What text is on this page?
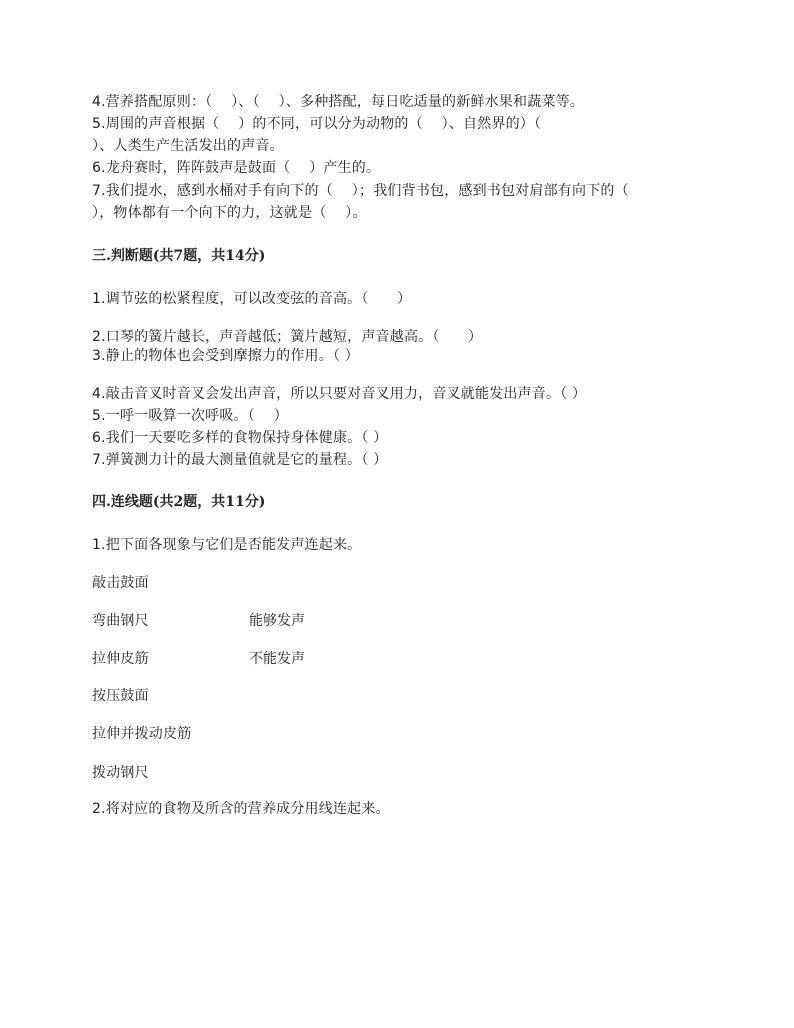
4.营养搭配原则：（　 ）、（　 ）、多种搭配，每日吃适量的新鲜水果和蔬菜等。
5.周围的声音根据（　 ）的不同，可以分为动物的（　 ）、自然界的）（
）、人类生产生活发出的声音。
6.龙舟赛时，阵阵鼓声是鼓面（　 ）产生的。
7.我们提水，感到水桶对手有向下的（　 ）；我们背书包，感到书包对肩部有向下的（
），物体都有一个向下的力，这就是（　 ）。
三.判断题(共7题，共14分)
1.调节弦的松紧程度，可以改变弦的音高。（　　）
2.口琴的簧片越长，声音越低；簧片越短，声音越高。（　　）
3.静止的物体也会受到摩擦力的作用。（ ）
4.敲击音叉时音叉会发出声音，所以只要对音叉用力，音叉就能发出声音。（ ）
5.一呼一吸算一次呼吸。（　 ）
6.我们一天要吃多样的食物保持身体健康。（ ）
7.弹簧测力计的最大测量值就是它的量程。（ ）
四.连线题(共2题，共11分)
1.把下面各现象与它们是否能发声连起来。
敲击鼓面
弯曲钢尺	能够发声
拉伸皮筋	不能发声
按压鼓面
拉伸并拨动皮筋
拨动钢尺
2.将对应的食物及所含的营养成分用线连起来。
